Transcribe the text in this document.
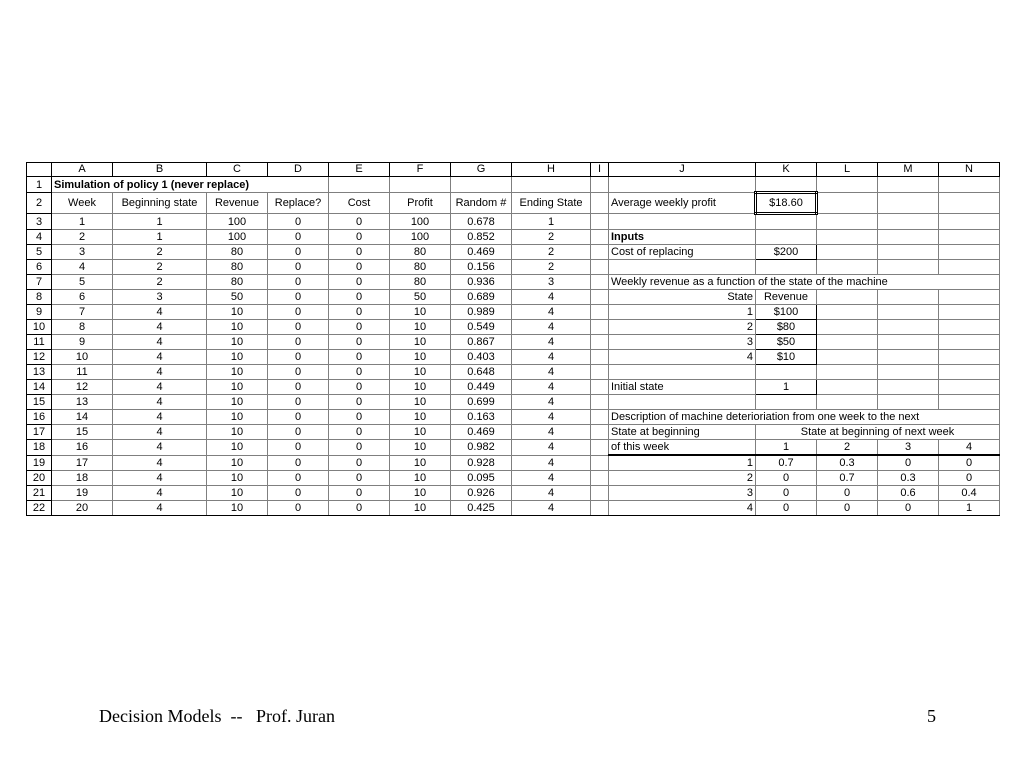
	A	B	C	D	E	F	G	H	I	J	K	L	M	N
1	Simulation of policy 1 (never replace)													
2	Week	Beginning state	Revenue	Replace?	Cost	Profit	Random #	Ending State		Average weekly profit	$18.60			
3	1	1	100	0	0	100	0.678	1						
4	2	1	100	0	0	100	0.852	2		Inputs				
5	3	2	80	0	0	80	0.469	2		Cost of replacing	$200			
6	4	2	80	0	0	80	0.156	2						
7	5	2	80	0	0	80	0.936	3		Weekly revenue as a function of the state of the machine				
8	6	3	50	0	0	50	0.689	4		State	Revenue			
9	7	4	10	0	0	10	0.989	4		1	$100			
10	8	4	10	0	0	10	0.549	4		2	$80			
11	9	4	10	0	0	10	0.867	4		3	$50			
12	10	4	10	0	0	10	0.403	4		4	$10			
13	11	4	10	0	0	10	0.648	4						
14	12	4	10	0	0	10	0.449	4		Initial state	1			
15	13	4	10	0	0	10	0.699	4						
16	14	4	10	0	0	10	0.163	4		Description of machine deterioriation from one week to the next				
17	15	4	10	0	0	10	0.469	4		State at beginning	State at beginning of next week			
18	16	4	10	0	0	10	0.982	4		of this week	1	2	3	4
19	17	4	10	0	0	10	0.928	4		1	0.7	0.3	0	0
20	18	4	10	0	0	10	0.095	4		2	0	0.7	0.3	0
21	19	4	10	0	0	10	0.926	4		3	0	0	0.6	0.4
22	20	4	10	0	0	10	0.425	4		4	0	0	0	1
Decision Models  --   Prof. Juran	5
